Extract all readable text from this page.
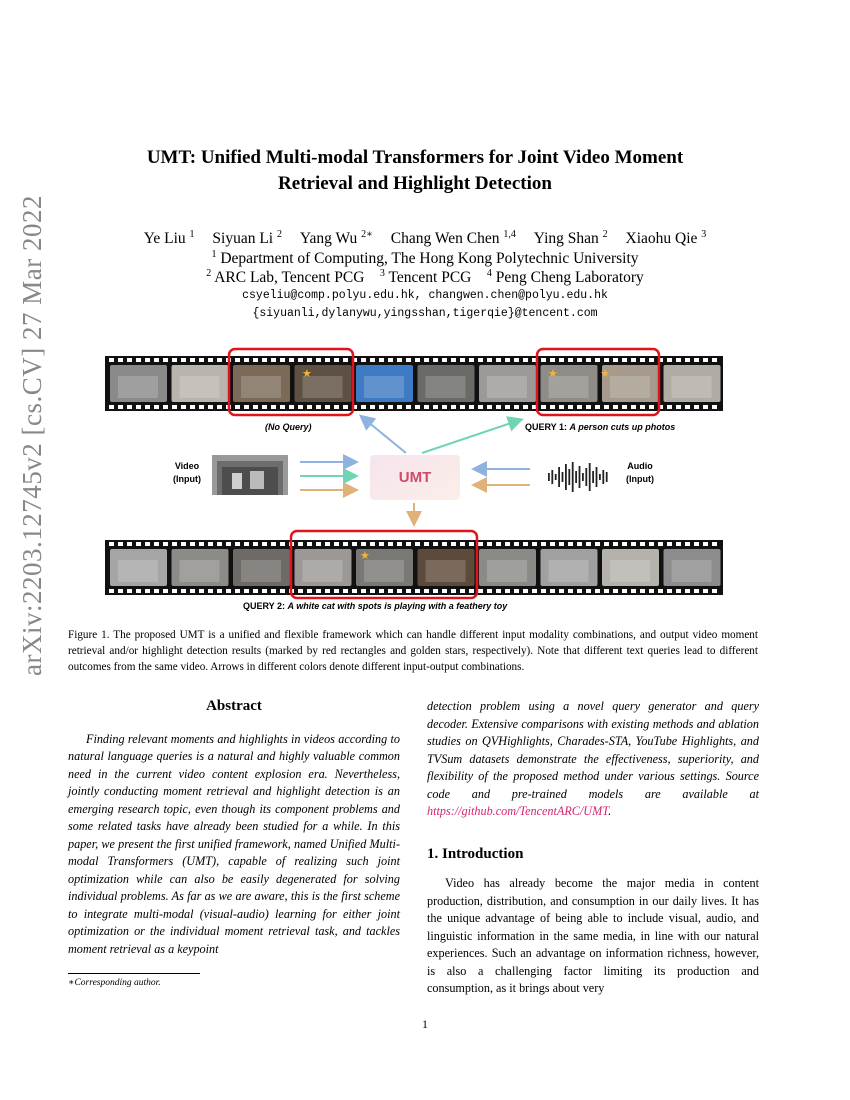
arXiv:2203.12745v2 [cs.CV] 27 Mar 2022
UMT: Unified Multi-modal Transformers for Joint Video Moment
Retrieval and Highlight Detection
Ye Liu $^1$ Siyuan Li $^2$ Yang Wu $^{2∗}$ Chang Wen Chen $^{1,4}$ Ying Shan $^2$ Xiaohu Qie $^3$
$^1$ Department of Computing, The Hong Kong Polytechnic University
$^2$ ARC Lab, Tencent PCG $^3$ Tencent PCG $^4$ Peng Cheng Laboratory
csyeliu@comp.polyu.edu.hk, changwen.chen@polyu.edu.hk
{siyuanli,dylanywu,yingsshan,tigerqie}@tencent.com
★	★	★
(No Query)	QUERY 1: A person cuts up photos
UMT
Video
(Input)
Audio
(Input)
★
QUERY 2: A white cat with spots is playing with a feathery toy
Figure 1. The proposed UMT is a unified and flexible framework which can handle different input modality combinations, and output video moment retrieval and/or highlight detection results (marked by red rectangles and golden stars, respectively). Note that different text queries lead to different outcomes from the same video. Arrows in different colors denote different input-output combinations.
Abstract

Finding relevant moments and highlights in videos according to natural language queries is a natural and highly valuable common need in the current video content explosion era. Nevertheless, jointly conducting moment retrieval and highlight detection is an emerging research topic, even though its component problems and some related tasks have already been studied for a while. In this paper, we present the first unified framework, named Unified Multi-modal Transformers (UMT), capable of realizing such joint optimization while can also be easily degenerated for solving individual problems. As far as we are aware, this is the first scheme to integrate multi-modal (visual-audio) learning for either joint optimization or the individual moment retrieval task, and tackles moment retrieval as a keypoint

∗Corresponding author.

detection problem using a novel query generator and query decoder. Extensive comparisons with existing methods and ablation studies on QVHighlights, Charades-STA, YouTube Highlights, and TVSum datasets demonstrate the effectiveness, superiority, and flexibility of the proposed method under various settings. Source code and pre-trained models are available at https://github.com/TencentARC/UMT.

1. Introduction

Video has already become the major media in content production, distribution, and consumption in our daily lives. It has the unique advantage of being able to include visual, audio, and linguistic information in the same media, in line with our natural experiences. Such an advantage on information richness, however, is also a challenging factor limiting its production and consumption, as it brings about very

1
